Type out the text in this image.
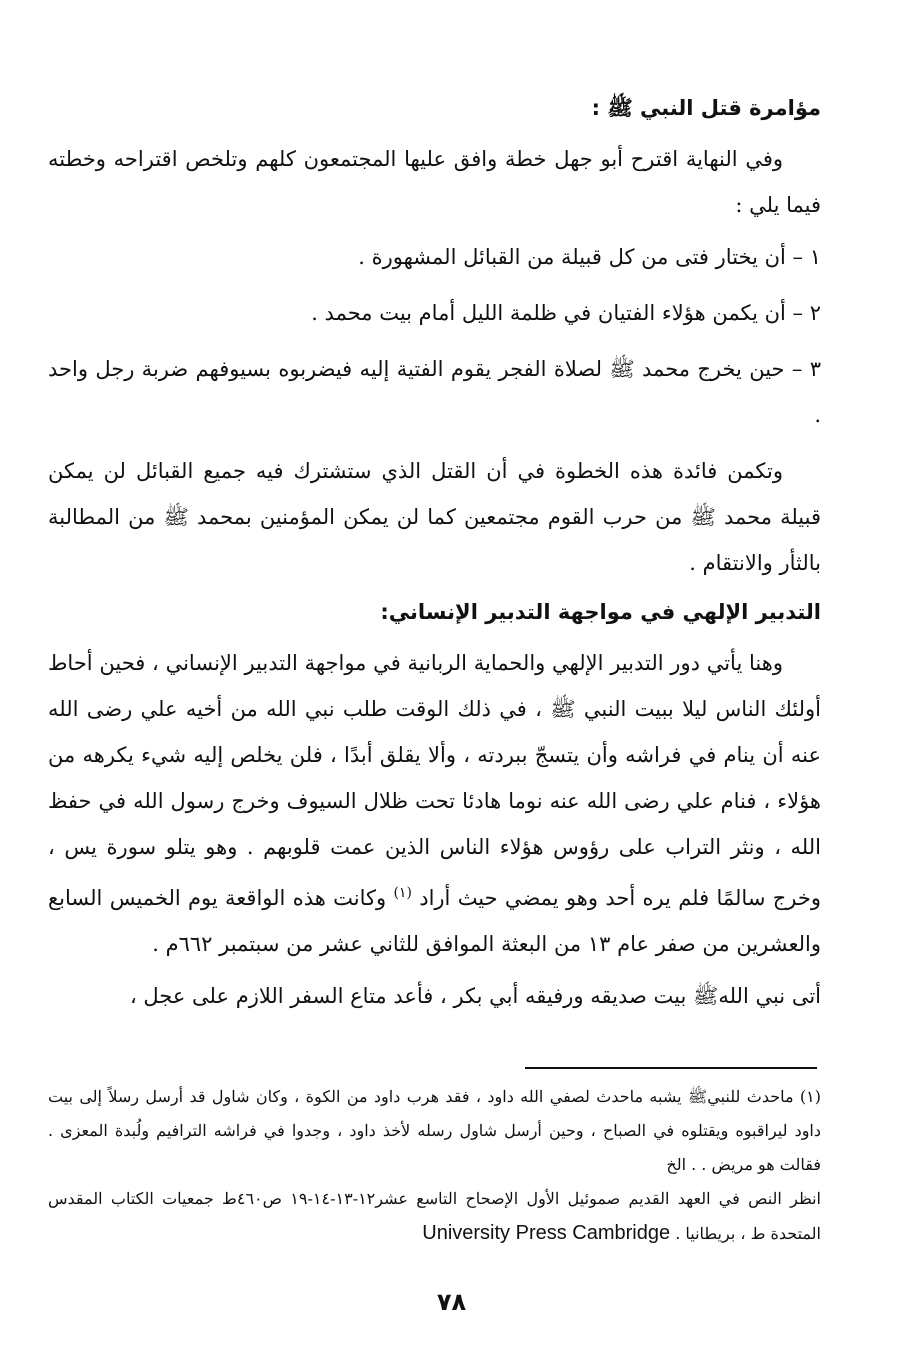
مؤامرة قتل النبي ﷺ :

وفي النهاية اقترح أبو جهل خطة وافق عليها المجتمعون كلهم وتلخص اقتراحه وخطته فيما يلي :

١ – أن يختار فتى من كل قبيلة من القبائل المشهورة .

٢ – أن يكمن هؤلاء الفتيان في ظلمة الليل أمام بيت محمد .

٣ – حين يخرج محمد ﷺ لصلاة الفجر يقوم الفتية إليه فيضربوه بسيوفهم ضربة رجل واحد .

وتكمن فائدة هذه الخطوة في أن القتل الذي ستشترك فيه جميع القبائل لن يمكن قبيلة محمد ﷺ من حرب القوم مجتمعين كما لن يمكن المؤمنين بمحمد ﷺ من المطالبة بالثأر والانتقام .

التدبير الإلهي في مواجهة التدبير الإنساني:

وهنا يأتي دور التدبير الإلهي والحماية الربانية في مواجهة التدبير الإنساني ، فحين أحاط أولئك الناس ليلا ببيت النبي ﷺ ، في ذلك الوقت طلب نبي الله من أخيه علي رضى الله عنه أن ينام في فراشه وأن يتسجّ ببردته ، وألا يقلق أبدًا ، فلن يخلص إليه شيء يكرهه من هؤلاء ، فنام علي رضى الله عنه نوما هادئا تحت ظلال السيوف وخرج رسول الله في حفظ الله ، ونثر التراب على رؤوس هؤلاء الناس الذين عمت قلوبهم . وهو يتلو سورة يس ، وخرج سالمًا فلم يره أحد وهو يمضي حيث أراد $^{(١)}$ وكانت هذه الواقعة يوم الخميس السابع والعشرين من صفر عام ١٣ من البعثة الموافق للثاني عشر من سبتمبر ٦٦٢م .

أتى نبي اللهﷺ بيت صديقه ورفيقه أبي بكر ، فأعد متاع السفر اللازم على عجل ،

(١) ماحدث للنبيﷺ يشبه ماحدث لصفي الله داود ، فقد هرب داود من الكوة ، وكان شاول قد أرسل رسلاً إلى بيت داود ليراقبوه ويقتلوه في الصباح ، وحين أرسل شاول رسله لأخذ داود ، وجدوا في فراشه الترافيم ولُبدة المعزى . فقالت هو مريض . . الخ

انظر النص في العهد القديم صموئيل الأول الإصحاح التاسع عشر١٢-١٣-١٤-١٩ ص٤٦٠ط جمعيات الكتاب المقدس المتحدة ط ، بريطانيا . University Press Cambridge

٧٨
